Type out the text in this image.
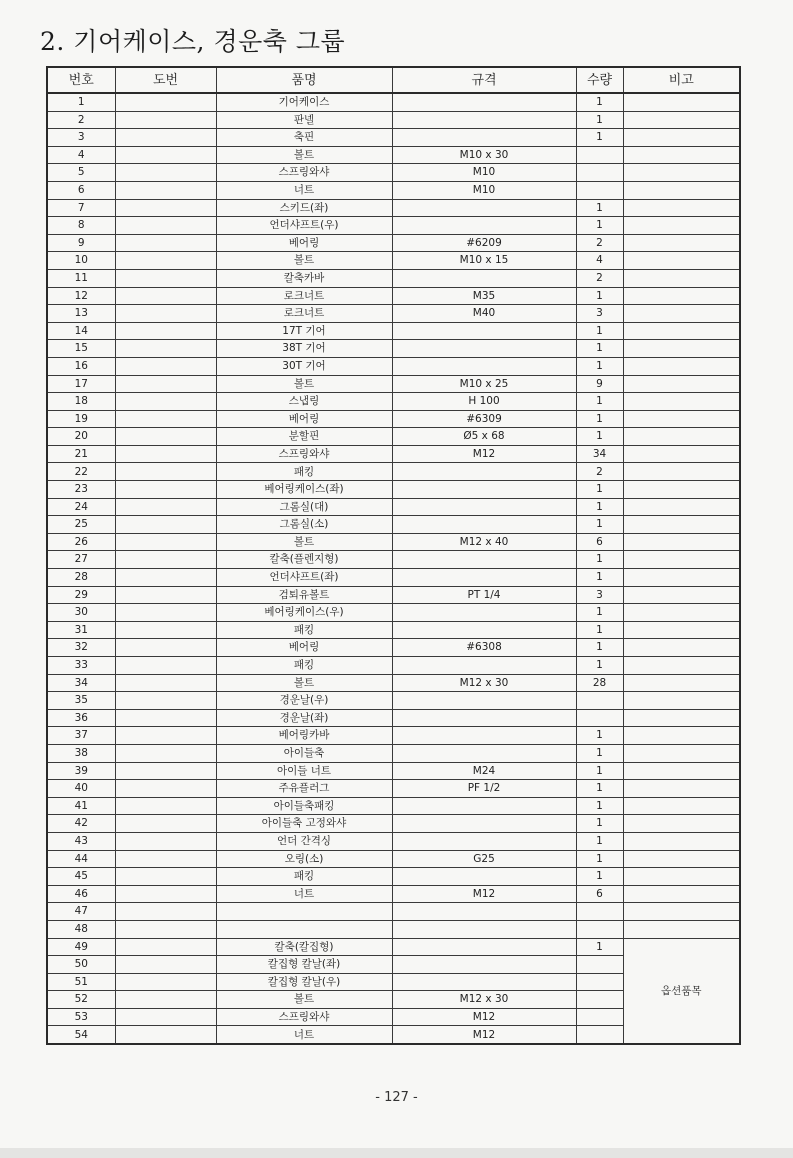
2. 기어케이스, 경운축 그룹
번호	도번	품명	규격	수량	비고
1		기어케이스		1	
2		판넬		1	
3		축핀		1	
4		볼트	M10 x 30		
5		스프링와샤	M10		
6		너트	M10		
7		스키드(좌)		1	
8		언더샤프트(우)		1	
9		베어링	#6209	2	
10		볼트	M10 x 15	4	
11		칼축카바		2	
12		로크너트	M35	1	
13		로크너트	M40	3	
14		17T 기어		1	
15		38T 기어		1	
16		30T 기어		1	
17		볼트	M10 x 25	9	
18		스냅링	H 100	1	
19		베어링	#6309	1	
20		분할핀	Ø5 x 68	1	
21		스프링와샤	M12	34	
22		패킹		2	
23		베어링케이스(좌)		1	
24		그롬실(대)		1	
25		그롬실(소)		1	
26		볼트	M12 x 40	6	
27		칼축(플렌지형)		1	
28		언더샤프트(좌)		1	
29		검퇴유볼트	PT 1/4	3	
30		베어링케이스(우)		1	
31		패킹		1	
32		베어링	#6308	1	
33		패킹		1	
34		볼트	M12 x 30	28	
35		경운날(우)			
36		경운날(좌)			
37		베어링카바		1	
38		아이들축		1	
39		아이들 너트	M24	1	
40		주유플러그	PF 1/2	1	
41		아이들축패킹		1	
42		아이들축 고정와샤		1	
43		언더 간격싱		1	
44		오링(소)	G25	1	
45		패킹		1	
46		너트	M12	6	
47					
48					
49		칼축(칼집형)		1	옵션품목
50		칼집형 칼날(좌)			
51		칼집형 칼날(우)			
52		볼트	M12 x 30		
53		스프링와샤	M12		
54		너트	M12		
- 127 -
